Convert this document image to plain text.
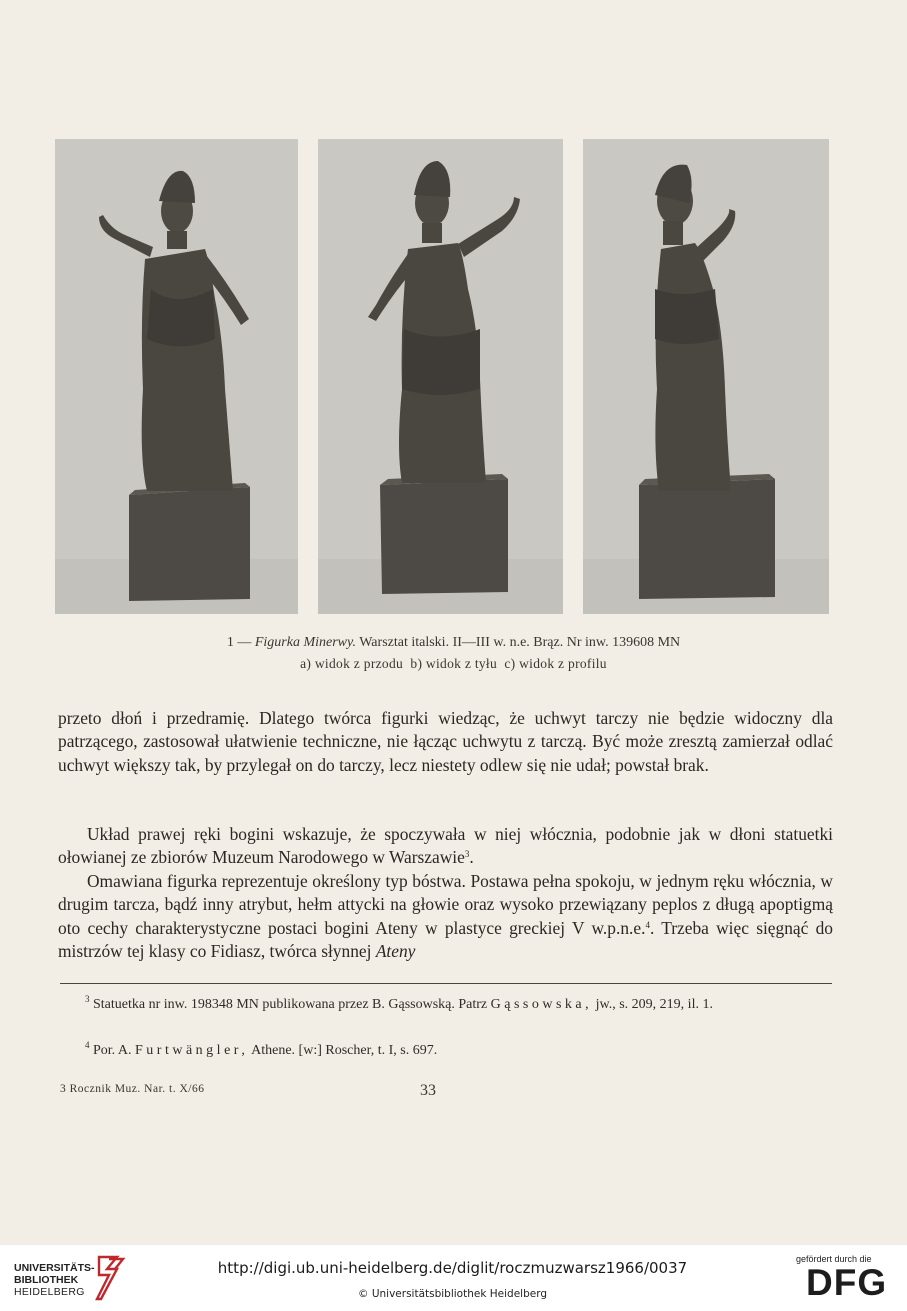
1 — Figurka Minerwy. Warsztat italski. II—III w. n.e. Brąz. Nr inw. 139608 MN
a) widok z przodu  b) widok z tyłu  c) widok z profilu
przeto dłoń i przedramię. Dlatego twórca figurki wiedząc, że uchwyt tarczy nie będzie widoczny dla patrzącego, zastosował ułatwienie techniczne, nie łącząc uchwytu z tarczą. Być może zresztą zamierzał odlać uchwyt większy tak, by przylegał on do tarczy, lecz niestety odlew się nie udał; powstał brak.
Układ prawej ręki bogini wskazuje, że spoczywała w niej włócznia, podobnie jak w dłoni statuetki ołowianej ze zbiorów Muzeum Narodowego w Warszawie$^3$.
Omawiana figurka reprezentuje określony typ bóstwa. Postawa pełna spokoju, w jednym ręku włócznia, w drugim tarcza, bądź inny atrybut, hełm attycki na głowie oraz wysoko przewiązany peplos z długą apoptigmą oto cechy charakterystyczne postaci bogini Ateny w plastyce greckiej V w.p.n.e.$^4$. Trzeba więc sięgnąć do mistrzów tej klasy co Fidiasz, twórca słynnej Ateny
$^3$ Statuetka nr inw. 198348 MN publikowana przez B. Gąssowską. Patrz Gąssowska, jw., s. 209, 219, il. 1.
$^4$ Por. A. Furtwängler, Athene. [w:] Roscher, t. I, s. 697.
3 Rocznik Muz. Nar. t. X/66	33
UNIVERSITÄTS-
BIBLIOTHEK
HEIDELBERG
http://digi.ub.uni-heidelberg.de/diglit/roczmuzwarsz1966/0037
© Universitätsbibliothek Heidelberg
gefördert durch die
DFG
